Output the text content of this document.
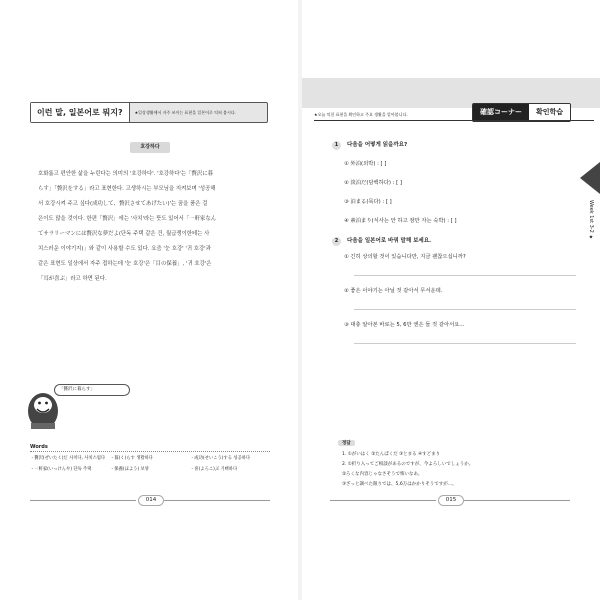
이런 말, 일본어로 뭐지?	★일상생활에서 자주 쓰이는 표현을 일본어로 익혀 봅시다.
호강하다

호화롭고 편안한 삶을 누린다는 의미의 '호강하다'. '호강하다'는「贅沢に暮

らす」「贅沢をする」라고 표현한다. 고생하시는 부모님을 지켜보며 '성공해

서 호강시켜 주고 싶다(成功して、贅沢させてあげたい)'는 꿈을 품은 걸

은이도 많을 것이다. 한편「贅沢」에는 '사치'라는 뜻도 있어서「一軒家なん

てサラリーマンには贅沢な夢だよ(단독 주택 같은 건, 월급쟁이한테는 사

치스러운 이야기지)」와 같이 사용할 수도 있다. 요즘 '눈 호강' '귀 호강'과

같은 표현도 일상에서 자주 접하는데 '눈 호강'은「目の保養」, '귀 호강'은

「耳が喜ぶ」라고 하면 된다.

「贅沢に暮らす」
Words
・贅沢(ぜいたく)だ 사치다, 사치스럽다	・暮(く)らす 생활하다	・成功(せいこう)する 성공하다
・一軒家(いっけんや) 단독 주택	・保養(ほよう) 보양	・喜(よろこ)ぶ 기뻐하다
014
★오늘 익힌 표현을 확인하고 주요 생활을 알아봅니다.	確認コーナー	확인학습
Week 1st 3-2 ★
1 다음을 어떻게 읽을까요?
① 外泊(외박) : [ ]
② 淡泊だ(담백하다) : [ ]
③ 泊まる(묵다) : [ ]
④ 素泊まり(식사는 안 하고 잠만 자는 숙박) : [ ]
2 다음을 일본어로 바꿔 말해 보세요.
① 긴히 상의할 것이 있습니다만, 지금 괜찮으십니까?
② 좋은 이야기는 아닐 것 같아서 무서운데.
③ 대충 알아본 바로는 5, 6만 엔은 들 것 같아서요…
정답
1. ①がいはく ②たんぱくだ ③とまる ④すどまり
2. ①折り入ってご相談があるのですが、今よろしいでしょうか。
②ろくな内容じゃなさそうで怖いなあ。
③ざっと調べた限りでは、5,6万はかかりそうですが…。
015
